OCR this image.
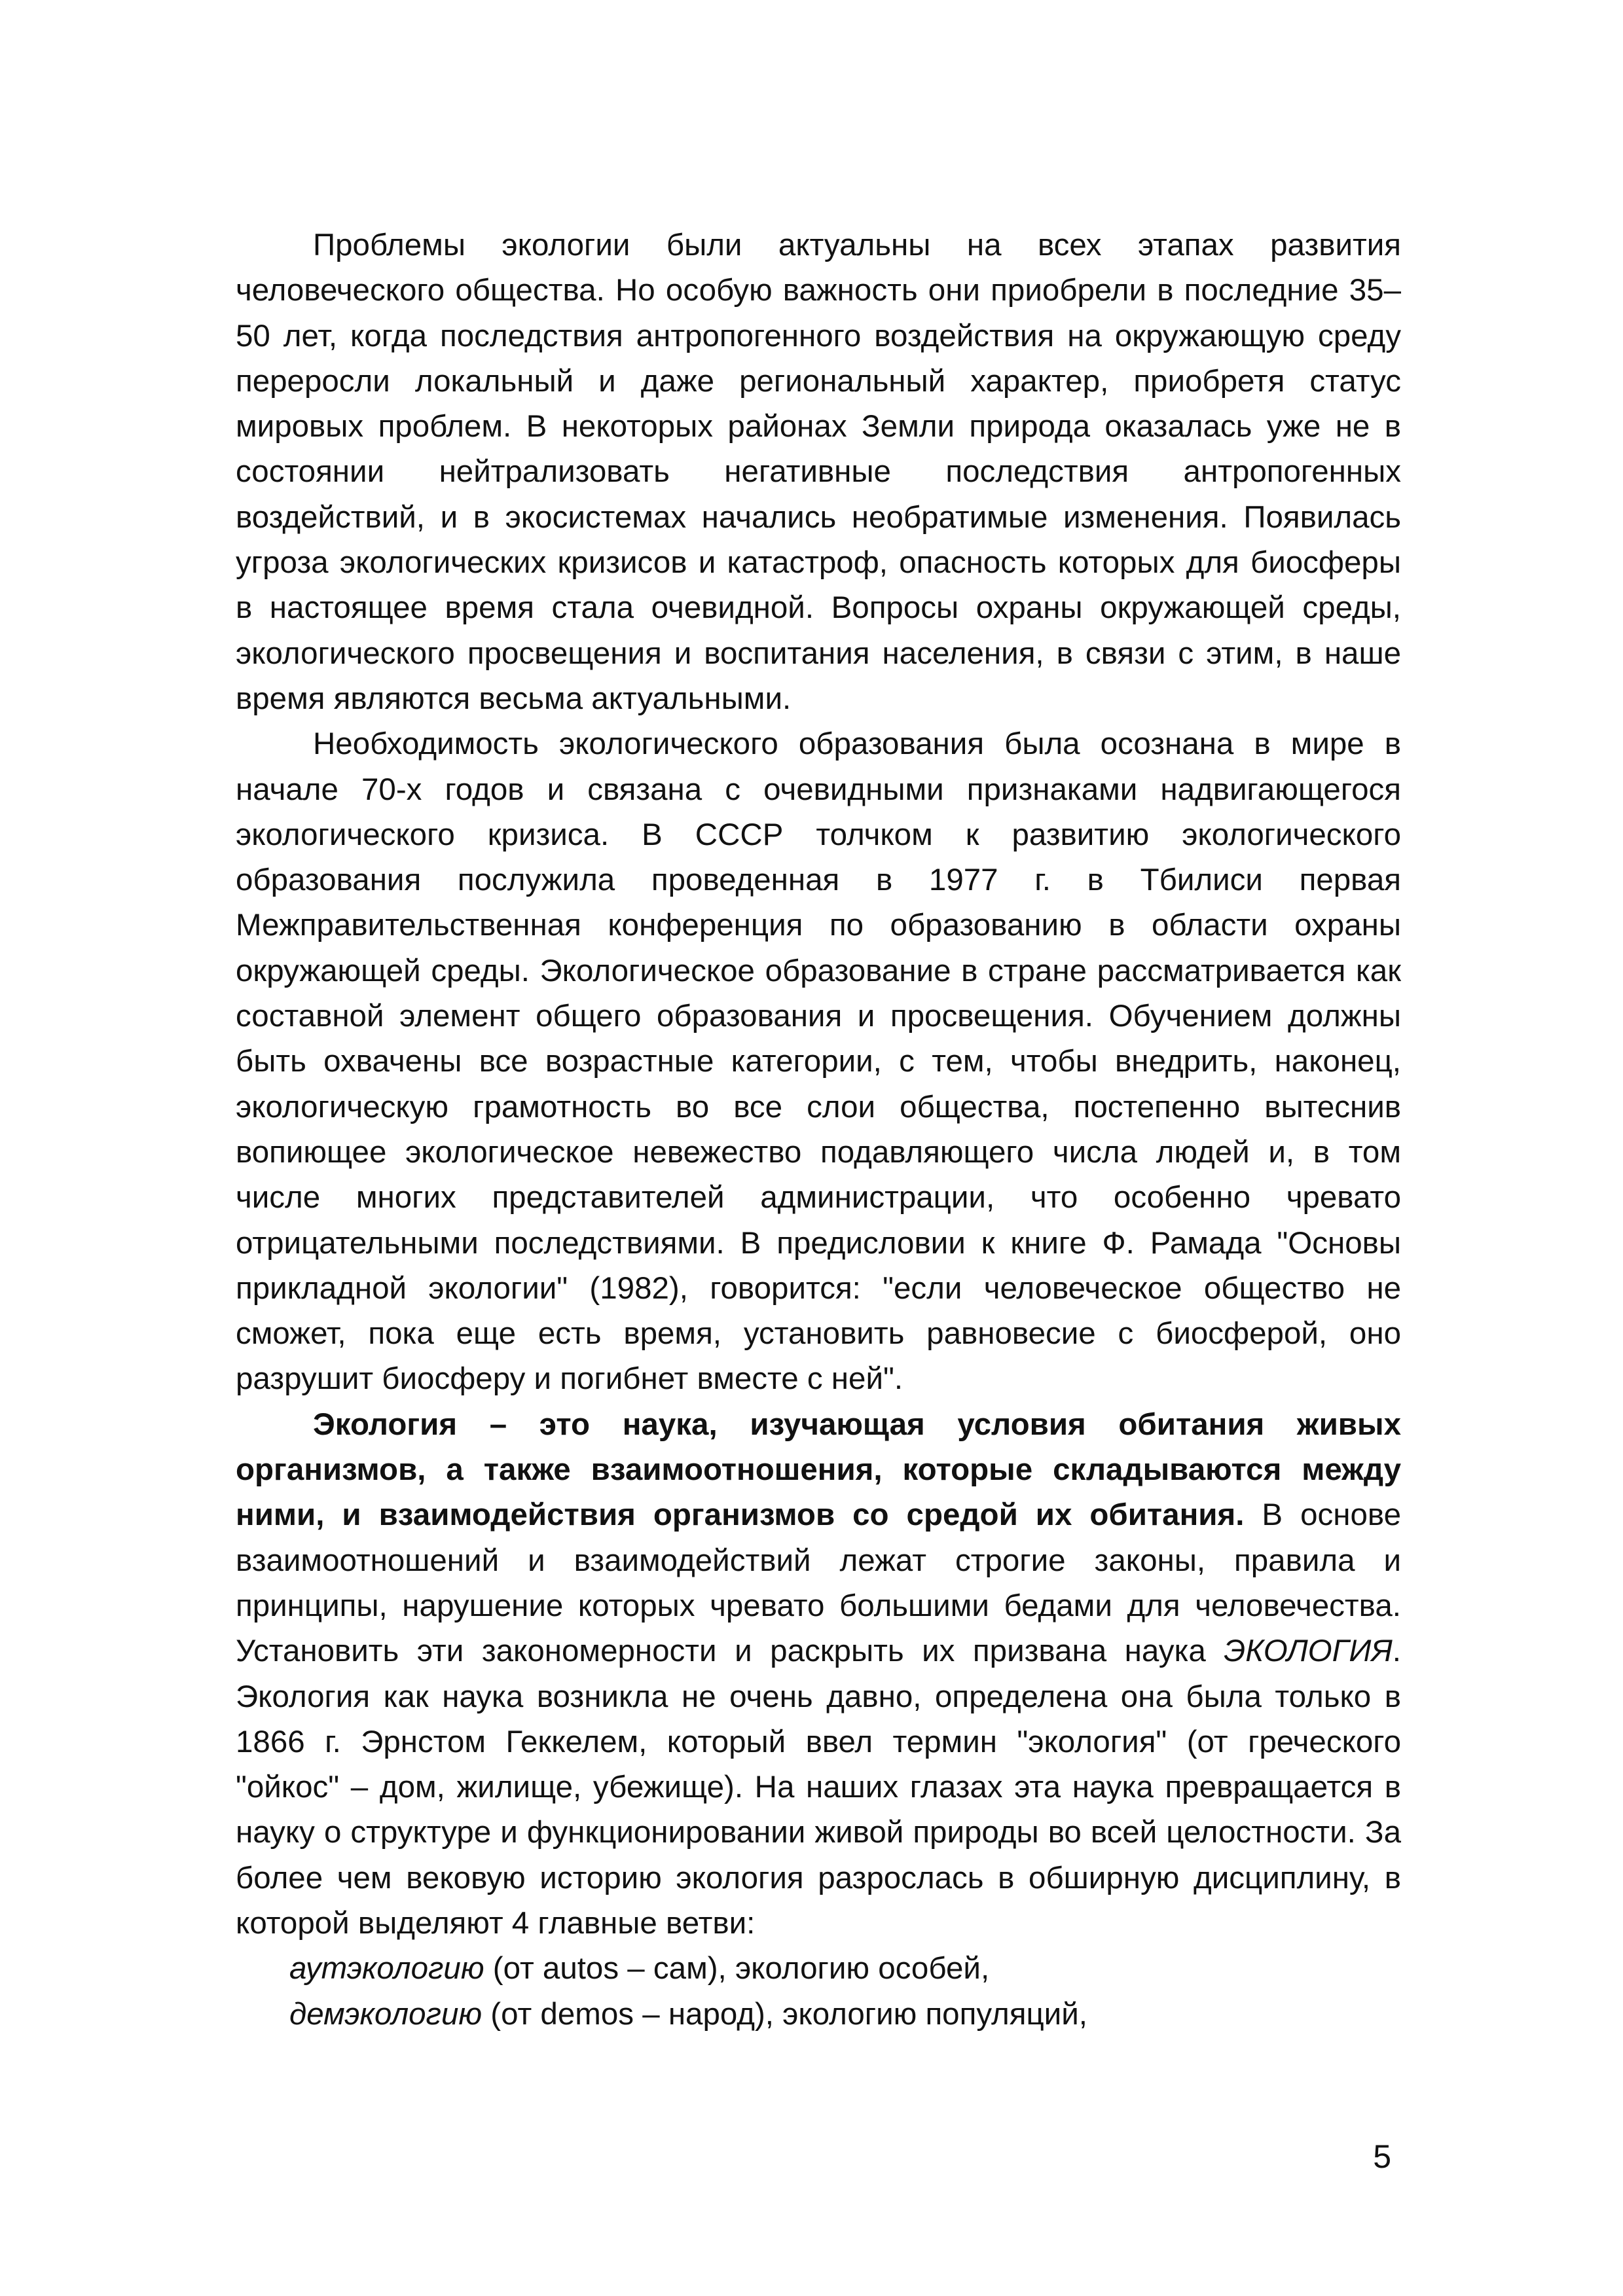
Проблемы экологии были актуальны на всех этапах развития человеческого общества. Но особую важность они приобрели в последние 35–50 лет, когда последствия антропогенного воздействия на окружающую среду переросли локальный и даже региональный характер, приобретя статус мировых проблем. В некоторых районах Земли природа оказалась уже не в состоянии нейтрализовать негативные последствия антропогенных воздействий, и в экосистемах начались необратимые изменения. Появилась угроза экологических кризисов и катастроф, опасность которых для биосферы в настоящее время стала очевидной. Вопросы охраны окружающей среды, экологического просвещения и воспитания населения, в связи с этим, в наше время являются весьма актуальными.

Необходимость экологического образования была осознана в мире в начале 70-х годов и связана с очевидными признаками надвигающегося экологического кризиса. В СССР толчком к развитию экологического образования послужила проведенная в 1977 г. в Тбилиси первая Межправительственная конференция по образованию в области охраны окружающей среды. Экологическое образование в стране рассматривается как составной элемент общего образования и просвещения. Обучением должны быть охвачены все возрастные категории, с тем, чтобы внедрить, наконец, экологическую грамотность во все слои общества, постепенно вытеснив вопиющее экологическое невежество подавляющего числа людей и, в том числе многих представителей администрации, что особенно чревато отрицательными последствиями. В предисловии к книге Ф. Рамада "Основы прикладной экологии" (1982), говорится: "если человеческое общество не сможет, пока еще есть время, установить равновесие с биосферой, оно разрушит биосферу и погибнет вместе с ней".

Экология – это наука, изучающая условия обитания живых организмов, а также взаимоотношения, которые складываются между ними, и взаимодействия организмов со средой их обитания. В основе взаимоотношений и взаимодействий лежат строгие законы, правила и принципы, нарушение которых чревато большими бедами для человечества. Установить эти закономерности и раскрыть их призвана наука ЭКОЛОГИЯ. Экология как наука возникла не очень давно, определена она была только в 1866 г. Эрнстом Геккелем, который ввел термин "экология" (от греческого "ойкос" – дом, жилище, убежище). На наших глазах эта наука превращается в науку о структуре и функционировании живой природы во всей целостности. За более чем вековую историю экология разрослась в обширную дисциплину, в которой выделяют 4 главные ветви:

аутэкологию (от autos – сам), экологию особей,
демэкологию (от demos – народ), экологию популяций,
5
